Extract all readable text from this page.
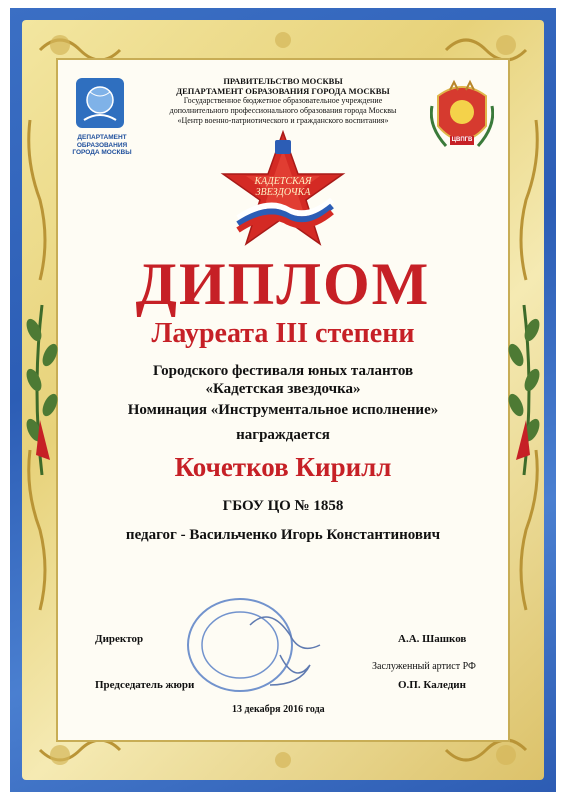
ДЕПАРТАМЕНТ
ОБРАЗОВАНИЯ
ГОРОДА МОСКВЫ
ЦВПГВ
ПРАВИТЕЛЬСТВО МОСКВЫ
ДЕПАРТАМЕНТ ОБРАЗОВАНИЯ ГОРОДА МОСКВЫ
Государственное бюджетное образовательное учреждение
дополнительного профессионального образования города Москвы
«Центр военно-патриотического и гражданского воспитания»
КАДЕТСКАЯ
ЗВЕЗДОЧКА
ДИПЛОМ
Лауреата III степени
Городского фестиваля юных талантов
«Кадетская звездочка»
Номинация «Инструментальное исполнение»
награждается
Кочетков Кирилл
ГБОУ ЦО № 1858
педагог - Васильченко Игорь Константинович
Директор	А.А. Шашков
Заслуженный артист РФ
Председатель жюри	О.П. Каледин
13 декабря 2016 года
